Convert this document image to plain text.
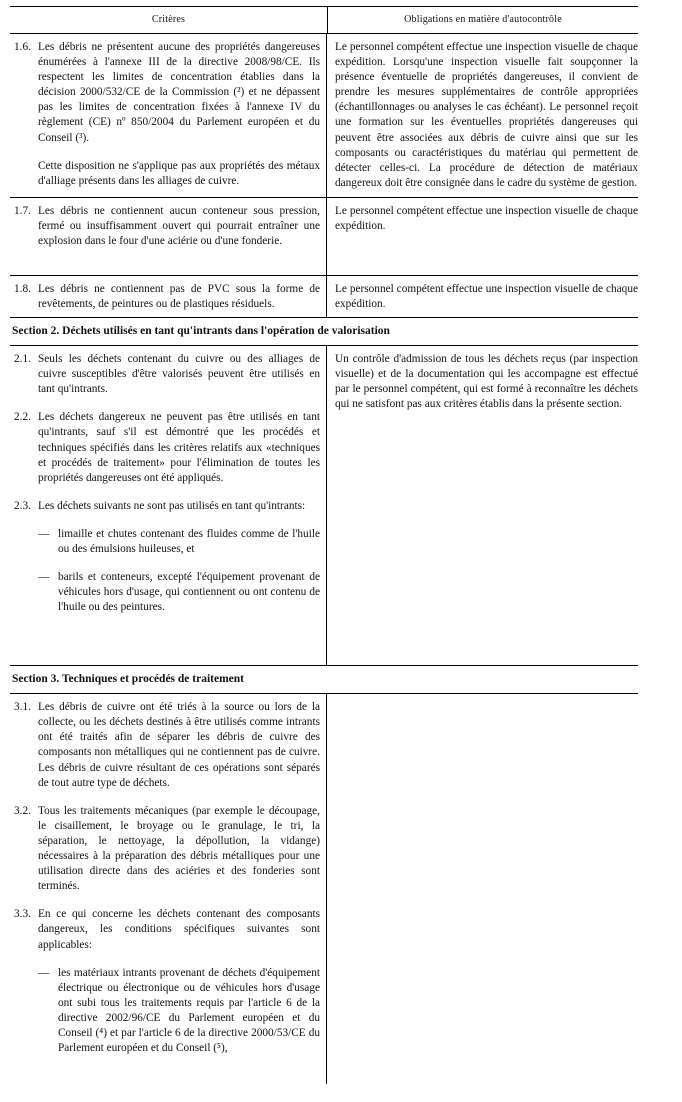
Critères	Obligations en matière d'autocontrôle
1.6. Les débris ne présentent aucune des propriétés dangereuses énumérées à l'annexe III de la directive 2008/98/CE. Ils respectent les limites de concentration établies dans la décision 2000/532/CE de la Commission (²) et ne dépassent pas les limites de concentration fixées à l'annexe IV du règlement (CE) nº 850/2004 du Parlement européen et du Conseil (³).

Cette disposition ne s'applique pas aux propriétés des métaux d'alliage présents dans les alliages de cuivre.

Le personnel compétent effectue une inspection visuelle de chaque expédition. Lorsqu'une inspection visuelle fait soupçonner la présence éventuelle de propriétés dangereuses, il convient de prendre les mesures supplémentaires de contrôle appropriées (échantillonnages ou analyses le cas échéant). Le personnel reçoit une formation sur les éventuelles propriétés dangereuses qui peuvent être associées aux débris de cuivre ainsi que sur les composants ou caractéristiques du matériau qui permettent de détecter celles-ci. La procédure de détection de matériaux dangereux doit être consignée dans le cadre du système de gestion.
1.7. Les débris ne contiennent aucun conteneur sous pression, fermé ou insuffisamment ouvert qui pourrait entraîner une explosion dans le four d'une aciérie ou d'une fonderie.
Le personnel compétent effectue une inspection visuelle de chaque expédition.
1.8. Les débris ne contiennent pas de PVC sous la forme de revêtements, de peintures ou de plastiques résiduels.
Le personnel compétent effectue une inspection visuelle de chaque expédition.
Section 2. Déchets utilisés en tant qu'intrants dans l'opération de valorisation
2.1. Seuls les déchets contenant du cuivre ou des alliages de cuivre susceptibles d'être valorisés peuvent être utilisés en tant qu'intrants.
2.2. Les déchets dangereux ne peuvent pas être utilisés en tant qu'intrants, sauf s'il est démontré que les procédés et techniques spécifiés dans les critères relatifs aux «techniques et procédés de traitement» pour l'élimination de toutes les propriétés dangereuses ont été appliqués.
2.3. Les déchets suivants ne sont pas utilisés en tant qu'intrants:
— limaille et chutes contenant des fluides comme de l'huile ou des émulsions huileuses, et
— barils et conteneurs, excepté l'équipement provenant de véhicules hors d'usage, qui contiennent ou ont contenu de l'huile ou des peintures.
Un contrôle d'admission de tous les déchets reçus (par inspection visuelle) et de la documentation qui les accompagne est effectué par le personnel compétent, qui est formé à reconnaître les déchets qui ne satisfont pas aux critères établis dans la présente section.
Section 3. Techniques et procédés de traitement
3.1. Les débris de cuivre ont été triés à la source ou lors de la collecte, ou les déchets destinés à être utilisés comme intrants ont été traités afin de séparer les débris de cuivre des composants non métalliques qui ne contiennent pas de cuivre. Les débris de cuivre résultant de ces opérations sont séparés de tout autre type de déchets.
3.2. Tous les traitements mécaniques (par exemple le découpage, le cisaillement, le broyage ou le granulage, le tri, la séparation, le nettoyage, la dépollution, la vidange) nécessaires à la préparation des débris métalliques pour une utilisation directe dans des aciéries et des fonderies sont terminés.
3.3. En ce qui concerne les déchets contenant des composants dangereux, les conditions spécifiques suivantes sont applicables:
— les matériaux intrants provenant de déchets d'équipement électrique ou électronique ou de véhicules hors d'usage ont subi tous les traitements requis par l'article 6 de la directive 2002/96/CE du Parlement européen et du Conseil (⁴) et par l'article 6 de la directive 2000/53/CE du Parlement européen et du Conseil (⁵),
